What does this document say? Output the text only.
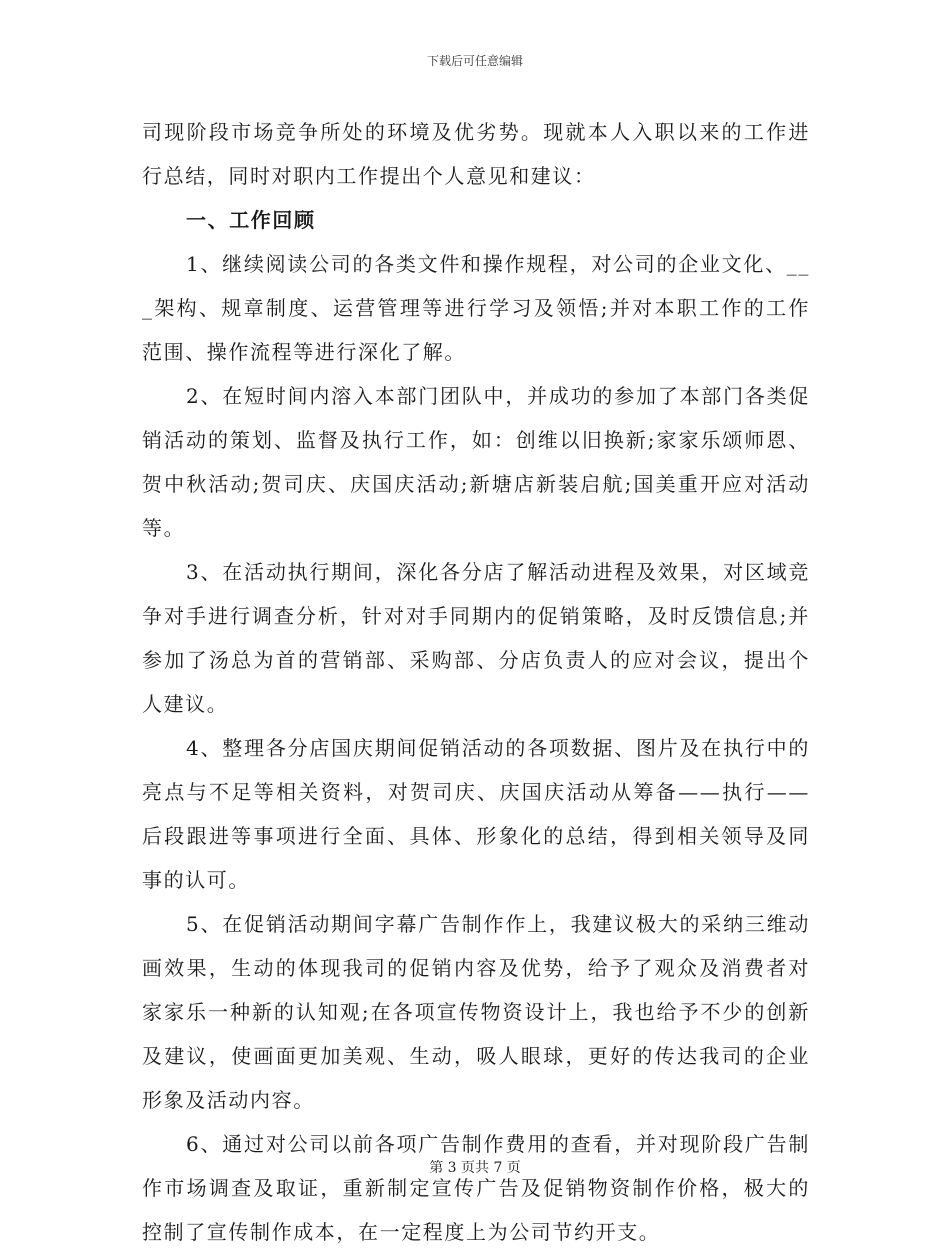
下载后可任意编辑
司现阶段市场竞争所处的环境及优劣势。现就本人入职以来的工作进
行总结，同时对职内工作提出个人意见和建议：
一、工作回顾
1、继续阅读公司的各类文件和操作规程，对公司的企业文化、__
_架构、规章制度、运营管理等进行学习及领悟;并对本职工作的工作
范围、操作流程等进行深化了解。
2、在短时间内溶入本部门团队中，并成功的参加了本部门各类促
销活动的策划、监督及执行工作，如：创维以旧换新;家家乐颂师恩、
贺中秋活动;贺司庆、庆国庆活动;新塘店新装启航;国美重开应对活动
等。
3、在活动执行期间，深化各分店了解活动进程及效果，对区域竞
争对手进行调查分析，针对对手同期内的促销策略，及时反馈信息;并
参加了汤总为首的营销部、采购部、分店负责人的应对会议，提出个
人建议。
4、整理各分店国庆期间促销活动的各项数据、图片及在执行中的
亮点与不足等相关资料，对贺司庆、庆国庆活动从筹备——执行——
后段跟进等事项进行全面、具体、形象化的总结，得到相关领导及同
事的认可。
5、在促销活动期间字幕广告制作作上，我建议极大的采纳三维动
画效果，生动的体现我司的促销内容及优势，给予了观众及消费者对
家家乐一种新的认知观;在各项宣传物资设计上，我也给予不少的创新
及建议，使画面更加美观、生动，吸人眼球，更好的传达我司的企业
形象及活动内容。
6、通过对公司以前各项广告制作费用的查看，并对现阶段广告制
作市场调查及取证，重新制定宣传广告及促销物资制作价格，极大的
控制了宣传制作成本，在一定程度上为公司节约开支。
第 3 页共 7 页
